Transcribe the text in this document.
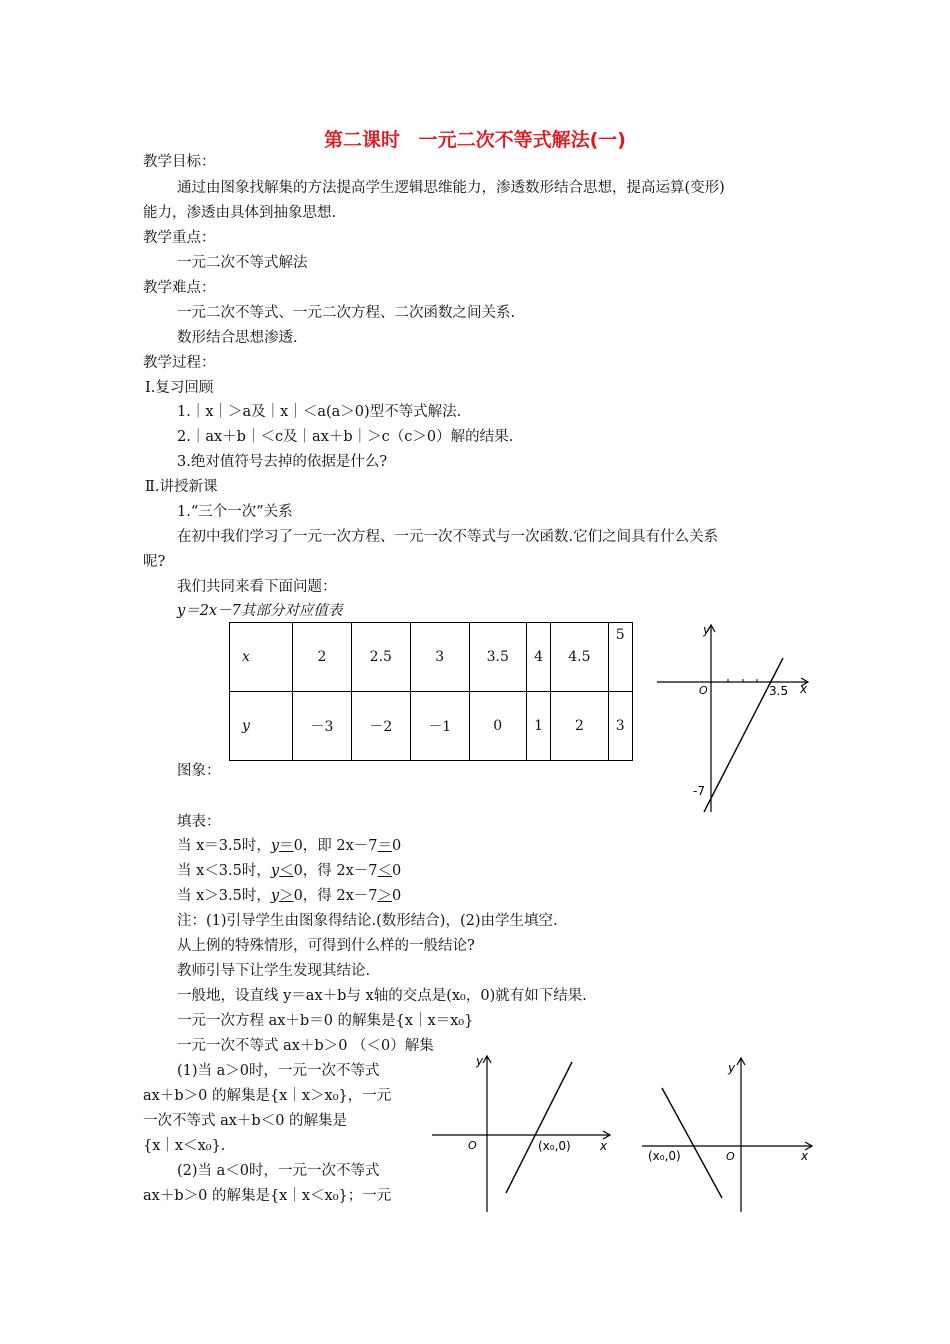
第二课时 一元二次不等式解法(一)
教学目标：
通过由图象找解集的方法提高学生逻辑思维能力，渗透数形结合思想，提高运算(变形)
能力，渗透由具体到抽象思想.
教学重点：
一元二次不等式解法
教学难点：
一元二次不等式、一元二次方程、二次函数之间关系.
数形结合思想渗透.
教学过程：
Ⅰ.复习回顾
1.｜x｜＞a及｜x｜＜a(a＞0)型不等式解法.
2.｜ax＋b｜＜c及｜ax＋b｜＞c（c＞0）解的结果.
3.绝对值符号去掉的依据是什么?
Ⅱ.讲授新课
1.“三个一次”关系
在初中我们学习了一元一次方程、一元一次不等式与一次函数.它们之间具有什么关系
呢?
我们共同来看下面问题：
y＝2x－7其部分对应值表
x	2	2.5	3	3.5	4	4.5	5

y	－3	－2	－1	0	1	2	3
y
x
O	3.5
-7
图象：
填表：
当 x＝3.5时，y＝0，即 2x－7＝0
当 x＜3.5时，y＜0，得 2x－7＜0
当 x＞3.5时，y＞0，得 2x－7＞0
注：(1)引导学生由图象得结论.(数形结合)，(2)由学生填空.
从上例的特殊情形，可得到什么样的一般结论?
教师引导下让学生发现其结论.
一般地，设直线 y＝ax＋b与 x轴的交点是(x₀，0)就有如下结果.
一元一次方程 ax＋b＝0 的解集是{x｜x＝x₀}
一元一次不等式 ax＋b＞0 （＜0）解集
(1)当 a＞0时，一元一次不等式
ax＋b＞0 的解集是{x｜x＞x₀}，一元
一次不等式 ax＋b＜0 的解集是
{x｜x＜x₀}.
(2)当 a＜0时，一元一次不等式
ax＋b＞0 的解集是{x｜x＜x₀}；一元
y
x
O	(x₀,0)
y
x
O
(x₀,0)
